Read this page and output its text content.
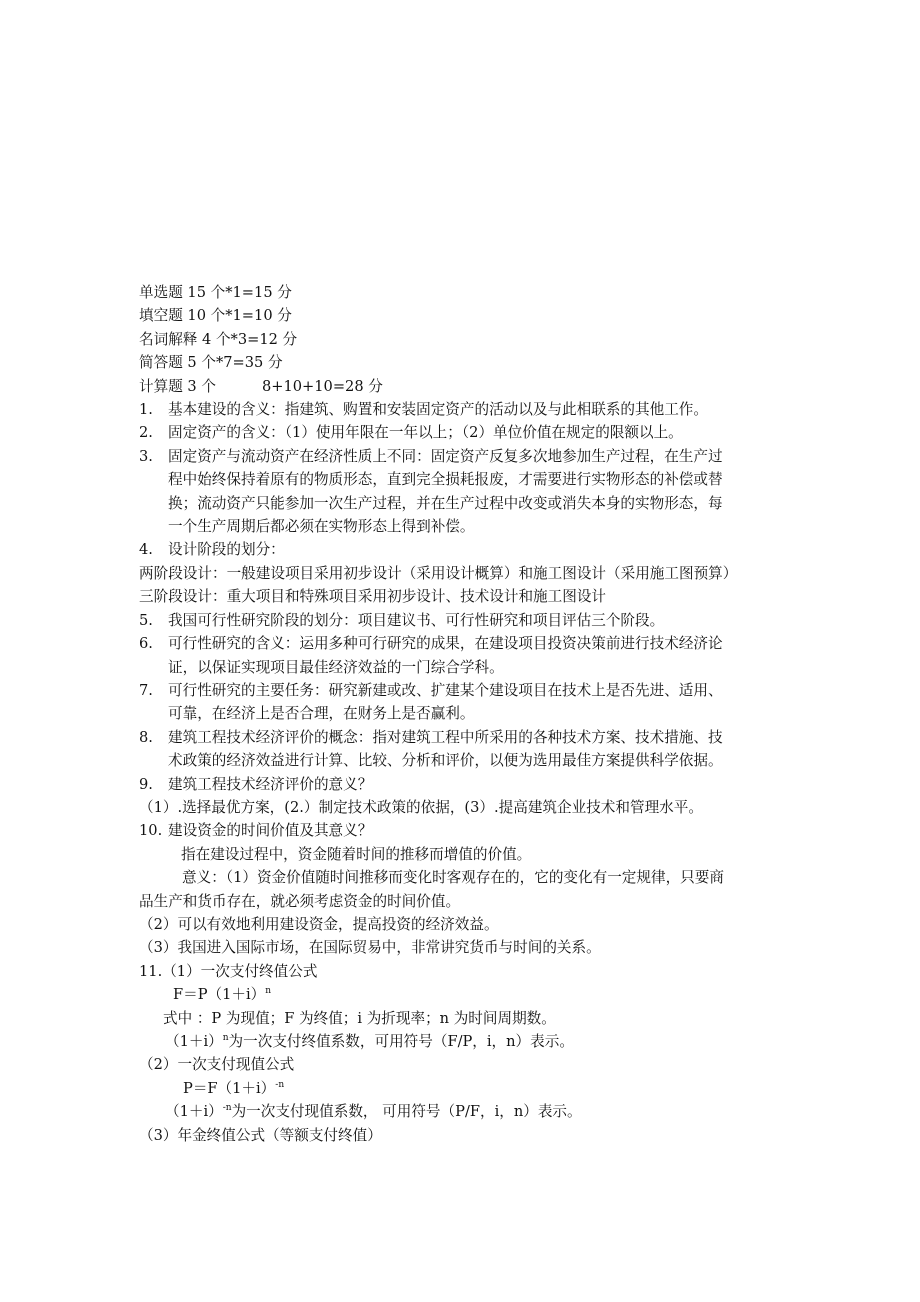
单选题 15 个*1=15 分
填空题 10 个*1=10 分
名词解释 4 个*3=12 分
简答题 5 个*7=35 分
计算题 3 个	8+10+10=28 分
1. 基本建设的含义：指建筑、购置和安装固定资产的活动以及与此相联系的其他工作。
2. 固定资产的含义：（1）使用年限在一年以上；（2）单位价值在规定的限额以上。
3. 固定资产与流动资产在经济性质上不同：固定资产反复多次地参加生产过程，在生产过
程中始终保持着原有的物质形态，直到完全损耗报废，才需要进行实物形态的补偿或替
换；流动资产只能参加一次生产过程，并在生产过程中改变或消失本身的实物形态，每
一个生产周期后都必须在实物形态上得到补偿。
4. 设计阶段的划分：
两阶段设计：一般建设项目采用初步设计（采用设计概算）和施工图设计（采用施工图预算）
三阶段设计：重大项目和特殊项目采用初步设计、技术设计和施工图设计
5. 我国可行性研究阶段的划分：项目建议书、可行性研究和项目评估三个阶段。
6. 可行性研究的含义：运用多种可行研究的成果，在建设项目投资决策前进行技术经济论
证，以保证实现项目最佳经济效益的一门综合学科。
7. 可行性研究的主要任务：研究新建或改、扩建某个建设项目在技术上是否先进、适用、
可靠，在经济上是否合理，在财务上是否赢利。
8. 建筑工程技术经济评价的概念：指对建筑工程中所采用的各种技术方案、技术措施、技
术政策的经济效益进行计算、比较、分析和评价，以便为选用最佳方案提供科学依据。
9. 建筑工程技术经济评价的意义？
（1）.选择最优方案，(2.）制定技术政策的依据，(3）.提高建筑企业技术和管理水平。
10. 建设资金的时间价值及其意义？
指在建设过程中，资金随着时间的推移而增值的价值。
意义：（1）资金价值随时间推移而变化时客观存在的，它的变化有一定规律，只要商
品生产和货币存在，就必须考虑资金的时间价值。
（2）可以有效地利用建设资金，提高投资的经济效益。
（3）我国进入国际市场，在国际贸易中，非常讲究货币与时间的关系。
11.（1）一次支付终值公式
$F=P(1+i)^n$
式中 ：P 为现值；F 为终值；i 为折现率；n 为时间周期数。
$(1+i)^n$为一次支付终值系数，可用符号（F/P，i，n）表示。
（2）一次支付现值公式
$P=F(1+i)^{-n}$
$(1+i)^{-n}$为一次支付现值系数， 可用符号（P/F，i，n）表示。
（3）年金终值公式（等额支付终值）
